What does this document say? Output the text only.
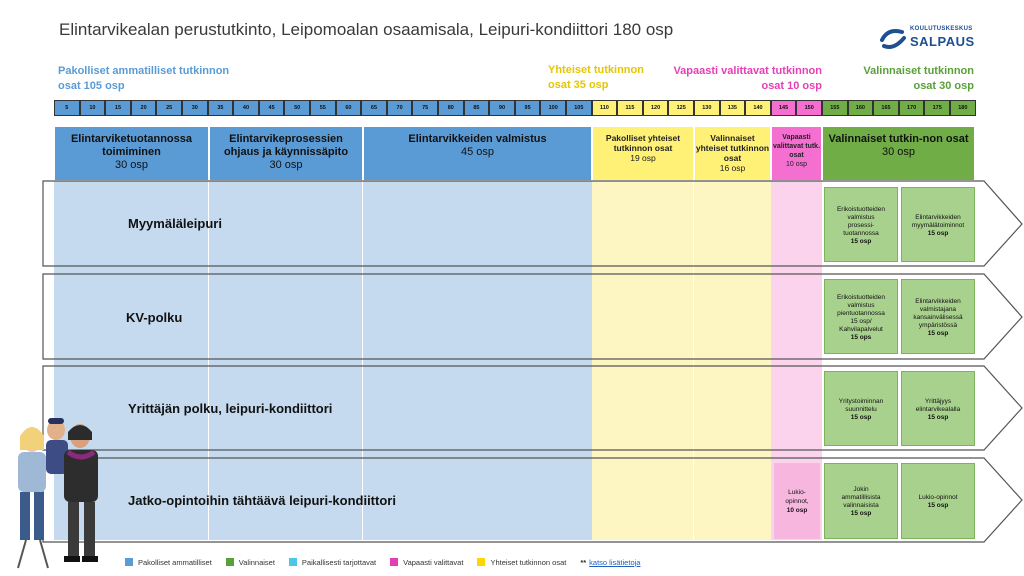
Elintarvikealan perustutkinto, Leipomoalan osaamisala, Leipuri-kondiittori 180 osp	KOULUTUSKESKUS
SALPAUS
Pakolliset ammatilliset tutkinnon
osat 105 osp
Yhteiset tutkinnon
osat 35 osp
Vapaasti valittavat tutkinnon
osat 10 osp
Valinnaiset tutkinnon
osat 30 osp
5	10	15	20	25	30	35	40	45	50	55	60	65	70	75	80	85	90	95	100	105	110	115	120	125	130	135	140	145	150	155	160	165	170	175	180
Elintarviketuotannossa toimiminen
30 osp
Elintarvikeprosessien ohjaus ja käynnissäpito
30 osp
Elintarvikkeiden valmistus
45 osp
Pakolliset yhteiset tutkinnon osat
19 osp
Valinnaiset yhteiset tutkinnon osat
16 osp
Vapaasti valittavat tutk. osat
10 osp
Valinnaiset tutkin-non osat
30 osp
Myymäläleipuri
KV-polku
Yrittäjän polku, leipuri-kondiittori
Jatko-opintoihin tähtäävä leipuri-kondiittori
Erikoistuotteiden
valmistus
prosessi-
tuotannossa
15 osp
Elintarvikkeiden
myymälätoiminnot
15 osp
Erikoistuotteiden
valmistus
pientuotannossa
15 osp/
Kahvilapalvelut
15 ops
Elintarvikkeiden
valmistajana
kansainvälisessä
ympäristössä
15 osp
Yritystoiminnan
suunnittelu
15 osp
Yrittäjyys
elintarvikealalla
15 osp
Jokin
ammatillisista
valinnaisista
15 osp
Lukio-opinnot
15 osp
Lukio-
opinnot,
10 osp
Pakolliset ammatilliset	Valinnaiset	Paikallisesti tarjottavat	Vapaasti valittavat	Yhteiset tutkinnon osat ** katso lisätietoja
